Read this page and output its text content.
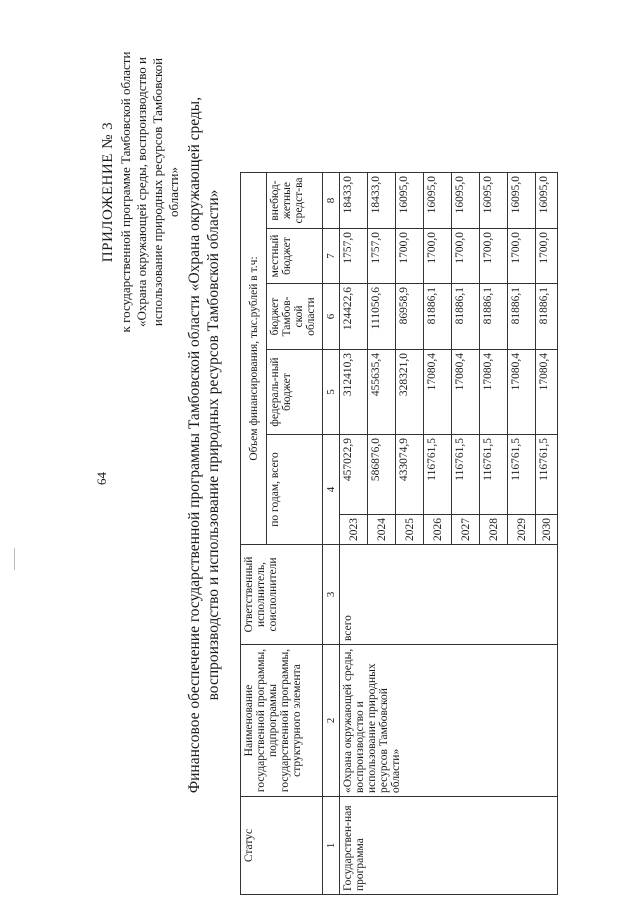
64
ПРИЛОЖЕНИЕ № 3 к государственной программе Тамбовской области «Охрана окружающей среды, воспроизводство и использование природных ресурсов Тамбовской области» Финансовое обеспечение государственной программы Тамбовской области «Охрана окружающей среды, воспроизводство и использование природных ресурсов Тамбовской области»
Статус	Наименование государственной программы, подпрограммы государственной программы, структурного элемента	Ответственный исполнитель, соисполнители	Объем финансирования, тыс.рублей в т.ч:					
			по годам, всего		федераль-ный бюджет	бюджет Тамбов-ской области	местный бюджет	внебюд-жетные средст-ва
1	2	3	4		5	6	7	8
Государствен-ная программа	«Охрана окружающей среды, воспроизводство и использование природных ресурсов Тамбовской области»	всего	2023	457022,9	312410,3	124422,6	1757,0	18433,0
			2024	586876,0	455635,4	111050,6	1757,0	18433,0
			2025	433074,9	328321,0	86958,9	1700,0	16095,0
			2026	116761,5	17080,4	81886,1	1700,0	16095,0
			2027	116761,5	17080,4	81886,1	1700,0	16095,0
			2028	116761,5	17080,4	81886,1	1700,0	16095,0
			2029	116761,5	17080,4	81886,1	1700,0	16095,0
			2030	116761,5	17080,4	81886,1	1700,0	16095,0
